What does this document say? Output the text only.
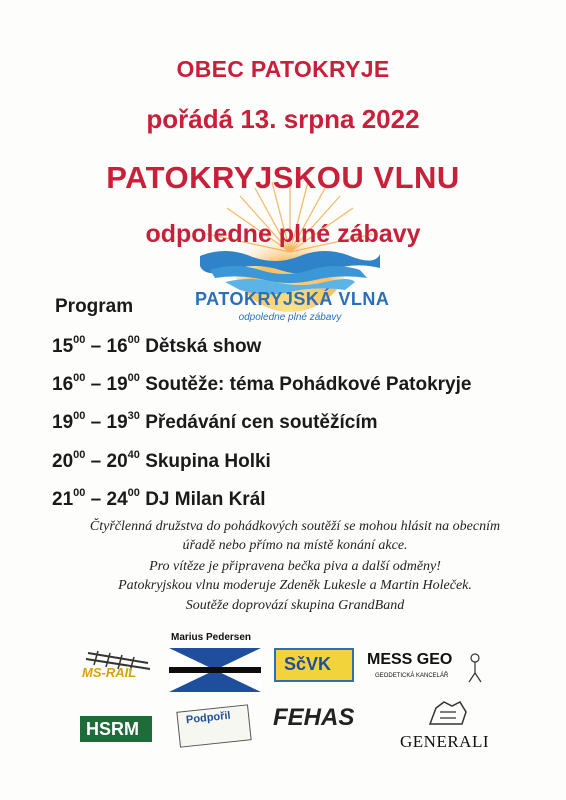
OBEC PATOKRYJE
pořádá 13. srpna 2022
PATOKRYJSKOU VLNU
odpoledne plné zábavy
PATOKRYJSKÁ VLNA
odpoledne plné zábavy
Program
$15^{00} - 16^{00}$ Dětská show
$16^{00} - 19^{00}$ Soutěže: téma Pohádkové Patokryje
$19^{00} - 19^{30}$ Předávání cen soutěžícím
$20^{00} - 20^{40}$ Skupina Holki
$21^{00} - 24^{00}$ DJ Milan Král
Čtyřčlenná družstva do pohádkových soutěží se mohou hlásit na obecním
úřadě nebo přímo na místě konání akce.
Pro vítěze je připravena bečka piva a další odměny!
Patokryjskou vlnu moderuje Zdeněk Lukesle a Martin Holeček.
Soutěže doprovází skupina GrandBand
MS-RAIL
Marius Pedersen
SčVK MESS GEO
GEODETICKÁ KANCELÁŘ
HSRM
Podpořil FEHAS
GENERALI
